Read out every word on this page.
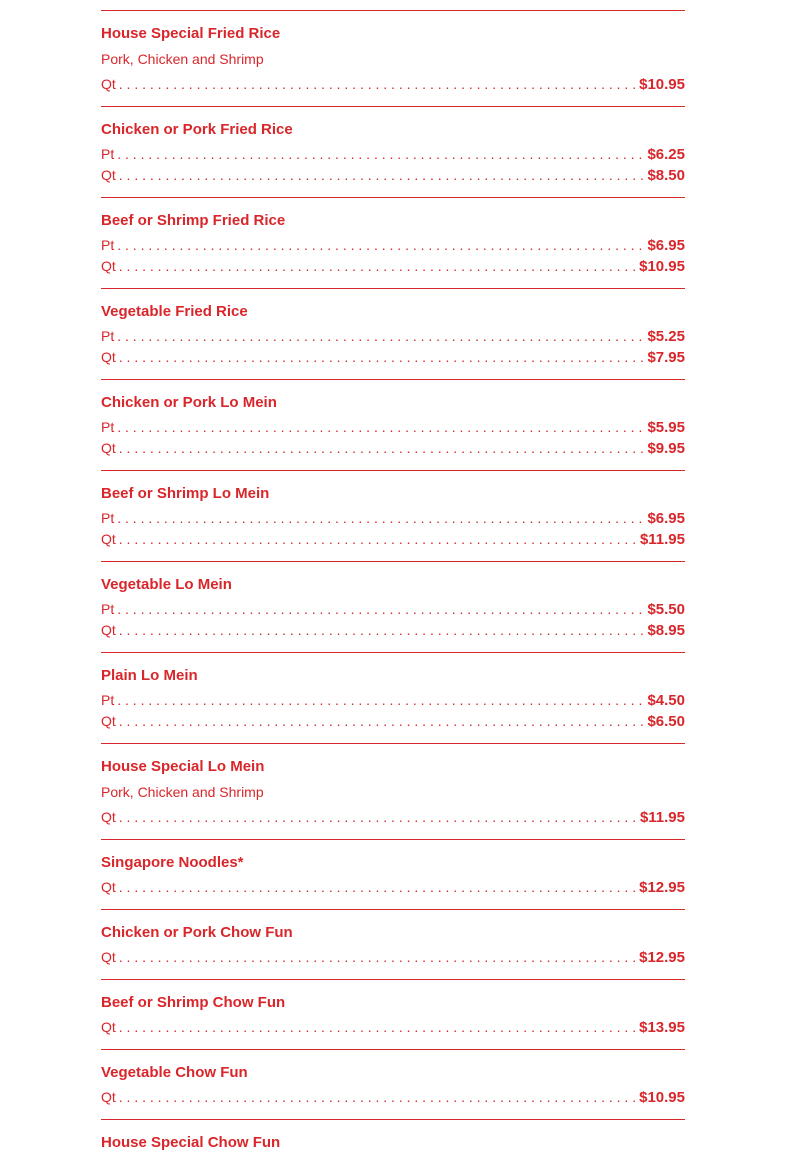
House Special Fried Rice
Pork, Chicken and Shrimp
Qt . . .	$10.95
Chicken or Pork Fried Rice
Pt . . .	$6.25
Qt . . .	$8.50
Beef or Shrimp Fried Rice
Pt . . .	$6.95
Qt . . .	$10.95
Vegetable Fried Rice
Pt . . .	$5.25
Qt . . .	$7.95
Chicken or Pork Lo Mein
Pt . . .	$5.95
Qt . . .	$9.95
Beef or Shrimp Lo Mein
Pt . . .	$6.95
Qt . . .	$11.95
Vegetable Lo Mein
Pt . . .	$5.50
Qt . . .	$8.95
Plain Lo Mein
Pt . . .	$4.50
Qt . . .	$6.50
House Special Lo Mein
Pork, Chicken and Shrimp
Qt . . .	$11.95
Singapore Noodles*
Qt . . .	$12.95
Chicken or Pork Chow Fun
Qt . . .	$12.95
Beef or Shrimp Chow Fun
Qt . . .	$13.95
Vegetable Chow Fun
Qt . . .	$10.95
House Special Chow Fun
